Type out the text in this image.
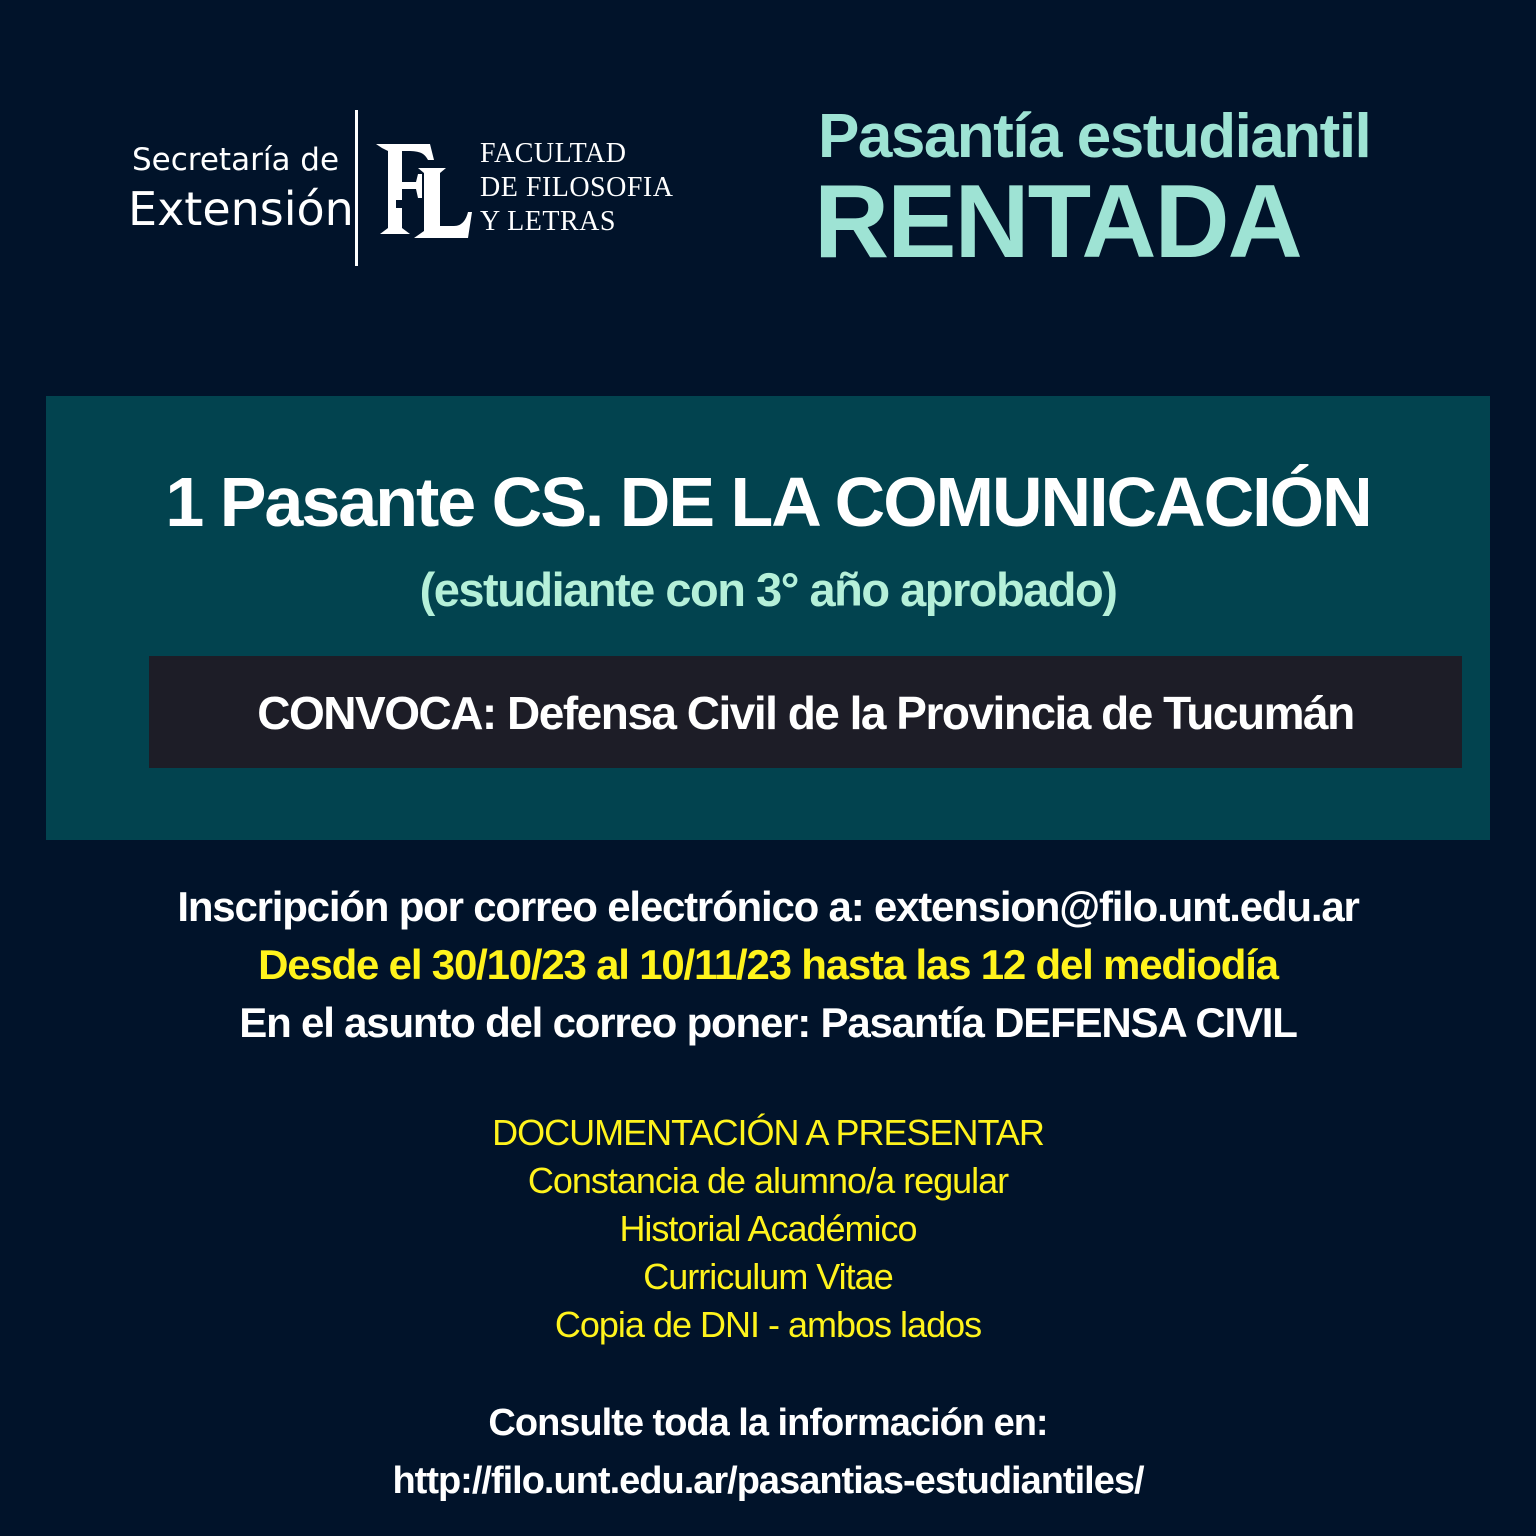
Secretaría de
Extensión
FACULTAD
DE FILOSOFIA
Y LETRAS
Pasantía estudiantil
RENTADA
1 Pasante CS. DE LA COMUNICACIÓN
(estudiante con 3° año aprobado)
CONVOCA: Defensa Civil de la Provincia de Tucumán
Inscripción por correo electrónico a: extension@filo.unt.edu.ar
Desde el 30/10/23 al 10/11/23 hasta las 12 del mediodía
En el asunto del correo poner: Pasantía DEFENSA CIVIL
DOCUMENTACIÓN A PRESENTAR
Constancia de alumno/a regular
Historial Académico
Curriculum Vitae
Copia de DNI - ambos lados
Consulte toda la información en:
http://filo.unt.edu.ar/pasantias-estudiantiles/
